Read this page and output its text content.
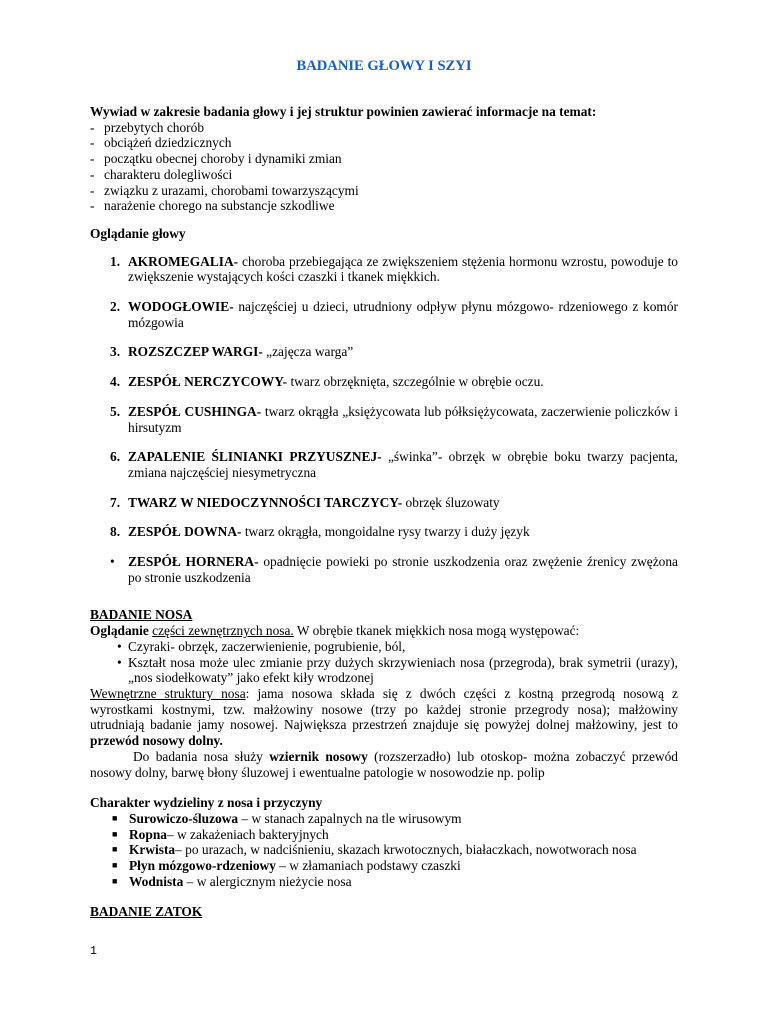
BADANIE GŁOWY I SZYI

Wywiad w zakresie badania głowy i jej struktur powinien zawierać informacje na temat:

- przebytych chorób
- obciążeń dziedzicznych
- początku obecnej choroby i dynamiki zmian
- charakteru dolegliwości
- związku z urazami, chorobami towarzyszącymi
- narażenie chorego na substancje szkodliwe

Oglądanie głowy

1. AKROMEGALIA- choroba przebiegająca ze zwiększeniem stężenia hormonu wzrostu, powoduje to zwiększenie wystających kości czaszki i tkanek miękkich.

2. WODOGŁOWIE- najczęściej u dzieci, utrudniony odpływ płynu mózgowo- rdzeniowego z komór mózgowia

3. ROZSZCZEP WARGI- „zajęcza warga”

4. ZESPÓŁ NERCZYCOWY- twarz obrzęknięta, szczególnie w obrębie oczu.

5. ZESPÓŁ CUSHINGA- twarz okrągła „księżycowata lub półksiężycowata, zaczerwienie policzków i hirsutyzm

6. ZAPALENIE ŚLINIANKI PRZYUSZNEJ- „świnka”- obrzęk w obrębie boku twarzy pacjenta, zmiana najczęściej niesymetryczna

7. TWARZ W NIEDOCZYNNOŚCI TARCZYCY- obrzęk śluzowaty

8. ZESPÓŁ DOWNA- twarz okrągła, mongoidalne rysy twarzy i duży język

• ZESPÓŁ HORNERA- opadnięcie powieki po stronie uszkodzenia oraz zwężenie źrenicy zwężona po stronie uszkodzenia

BADANIE NOSA

Oglądanie części zewnętrznych nosa. W obrębie tkanek miękkich nosa mogą występować:

• Czyraki- obrzęk, zaczerwienienie, pogrubienie, ból,
• Kształt nosa może ulec zmianie przy dużych skrzywieniach nosa (przegroda), brak symetrii (urazy), „nos siodełkowaty” jako efekt kiły wrodzonej

Wewnętrzne struktury nosa: jama nosowa składa się z dwóch części z kostną przegrodą nosową z wyrostkami kostnymi, tzw. małżowiny nosowe (trzy po każdej stronie przegrody nosa); małżowiny utrudniają badanie jamy nosowej. Największa przestrzeń znajduje się powyżej dolnej małżowiny, jest to przewód nosowy dolny.

Do badania nosa służy wziernik nosowy (rozszerzadło) lub otoskop- można zobaczyć przewód nosowy dolny, barwę błony śluzowej i ewentualne patologie w nosowodzie np. polip

Charakter wydzieliny z nosa i przyczyny

■ Surowiczo-śluzowa – w stanach zapalnych na tle wirusowym
■ Ropna– w zakażeniach bakteryjnych
■ Krwista– po urazach, w nadciśnieniu, skazach krwotocznych, białaczkach, nowotworach nosa
■ Płyn mózgowo-rdzeniowy – w złamaniach podstawy czaszki
■ Wodnista – w alergicznym nieżycie nosa

BADANIE ZATOK

1
